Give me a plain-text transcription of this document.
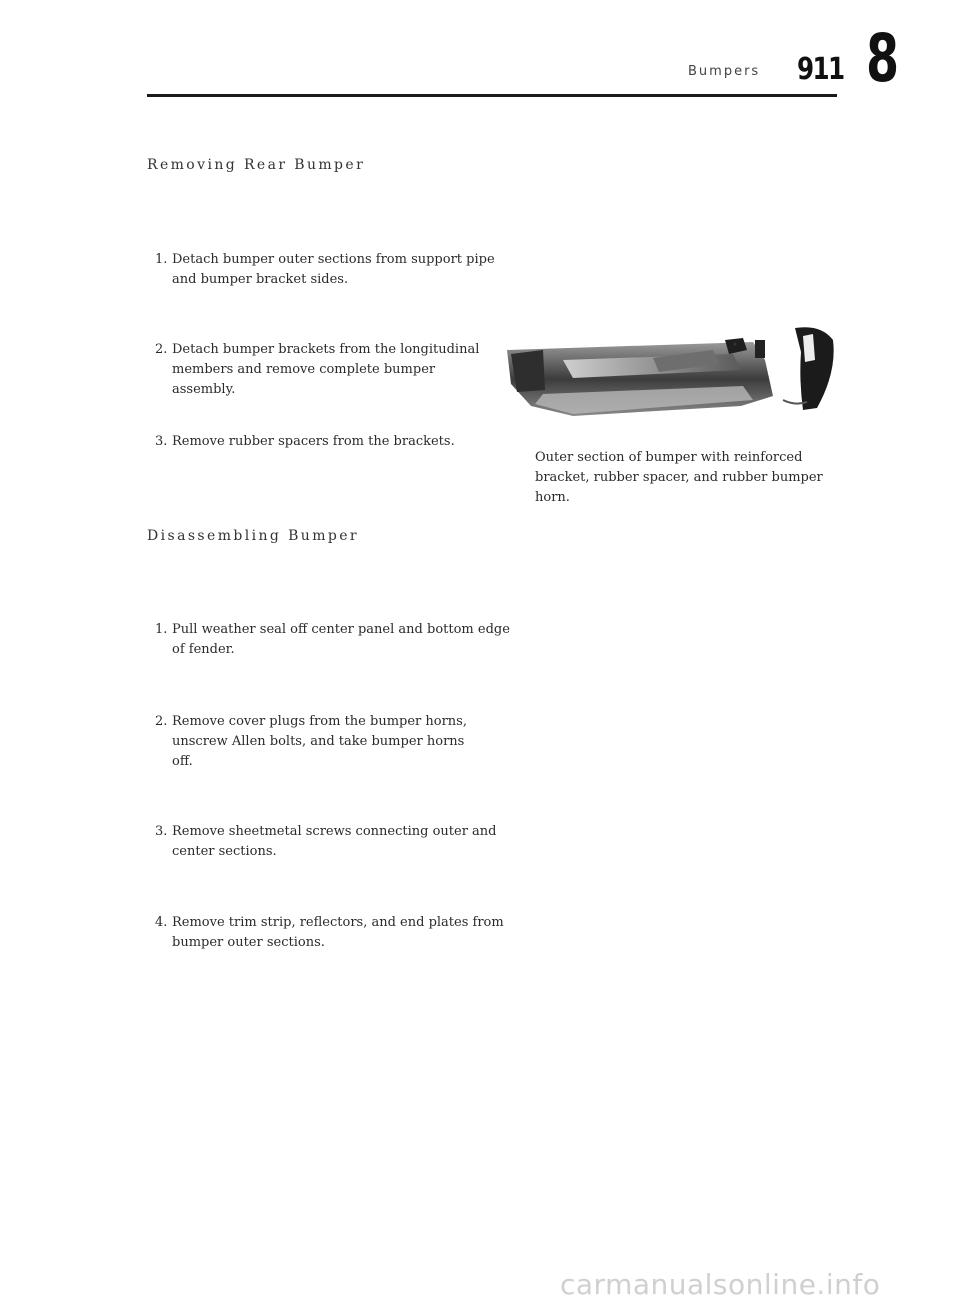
Bumpers 911 8
Removing Rear Bumper
1. Detach bumper outer sections from support pipe and bumper bracket sides.
2. Detach bumper brackets from the longitudinal members and remove complete bumper assembly.
3. Remove rubber spacers from the brackets.
Outer section of bumper with reinforced bracket, rubber spacer, and rubber bumper horn.
Disassembling Bumper
1. Pull weather seal off center panel and bottom edge of fender.
2. Remove cover plugs from the bumper horns, unscrew Allen bolts, and take bumper horns off.
3. Remove sheetmetal screws connecting outer and center sections.
4. Remove trim strip, reflectors, and end plates from bumper outer sections.
carmanualsonline.info
